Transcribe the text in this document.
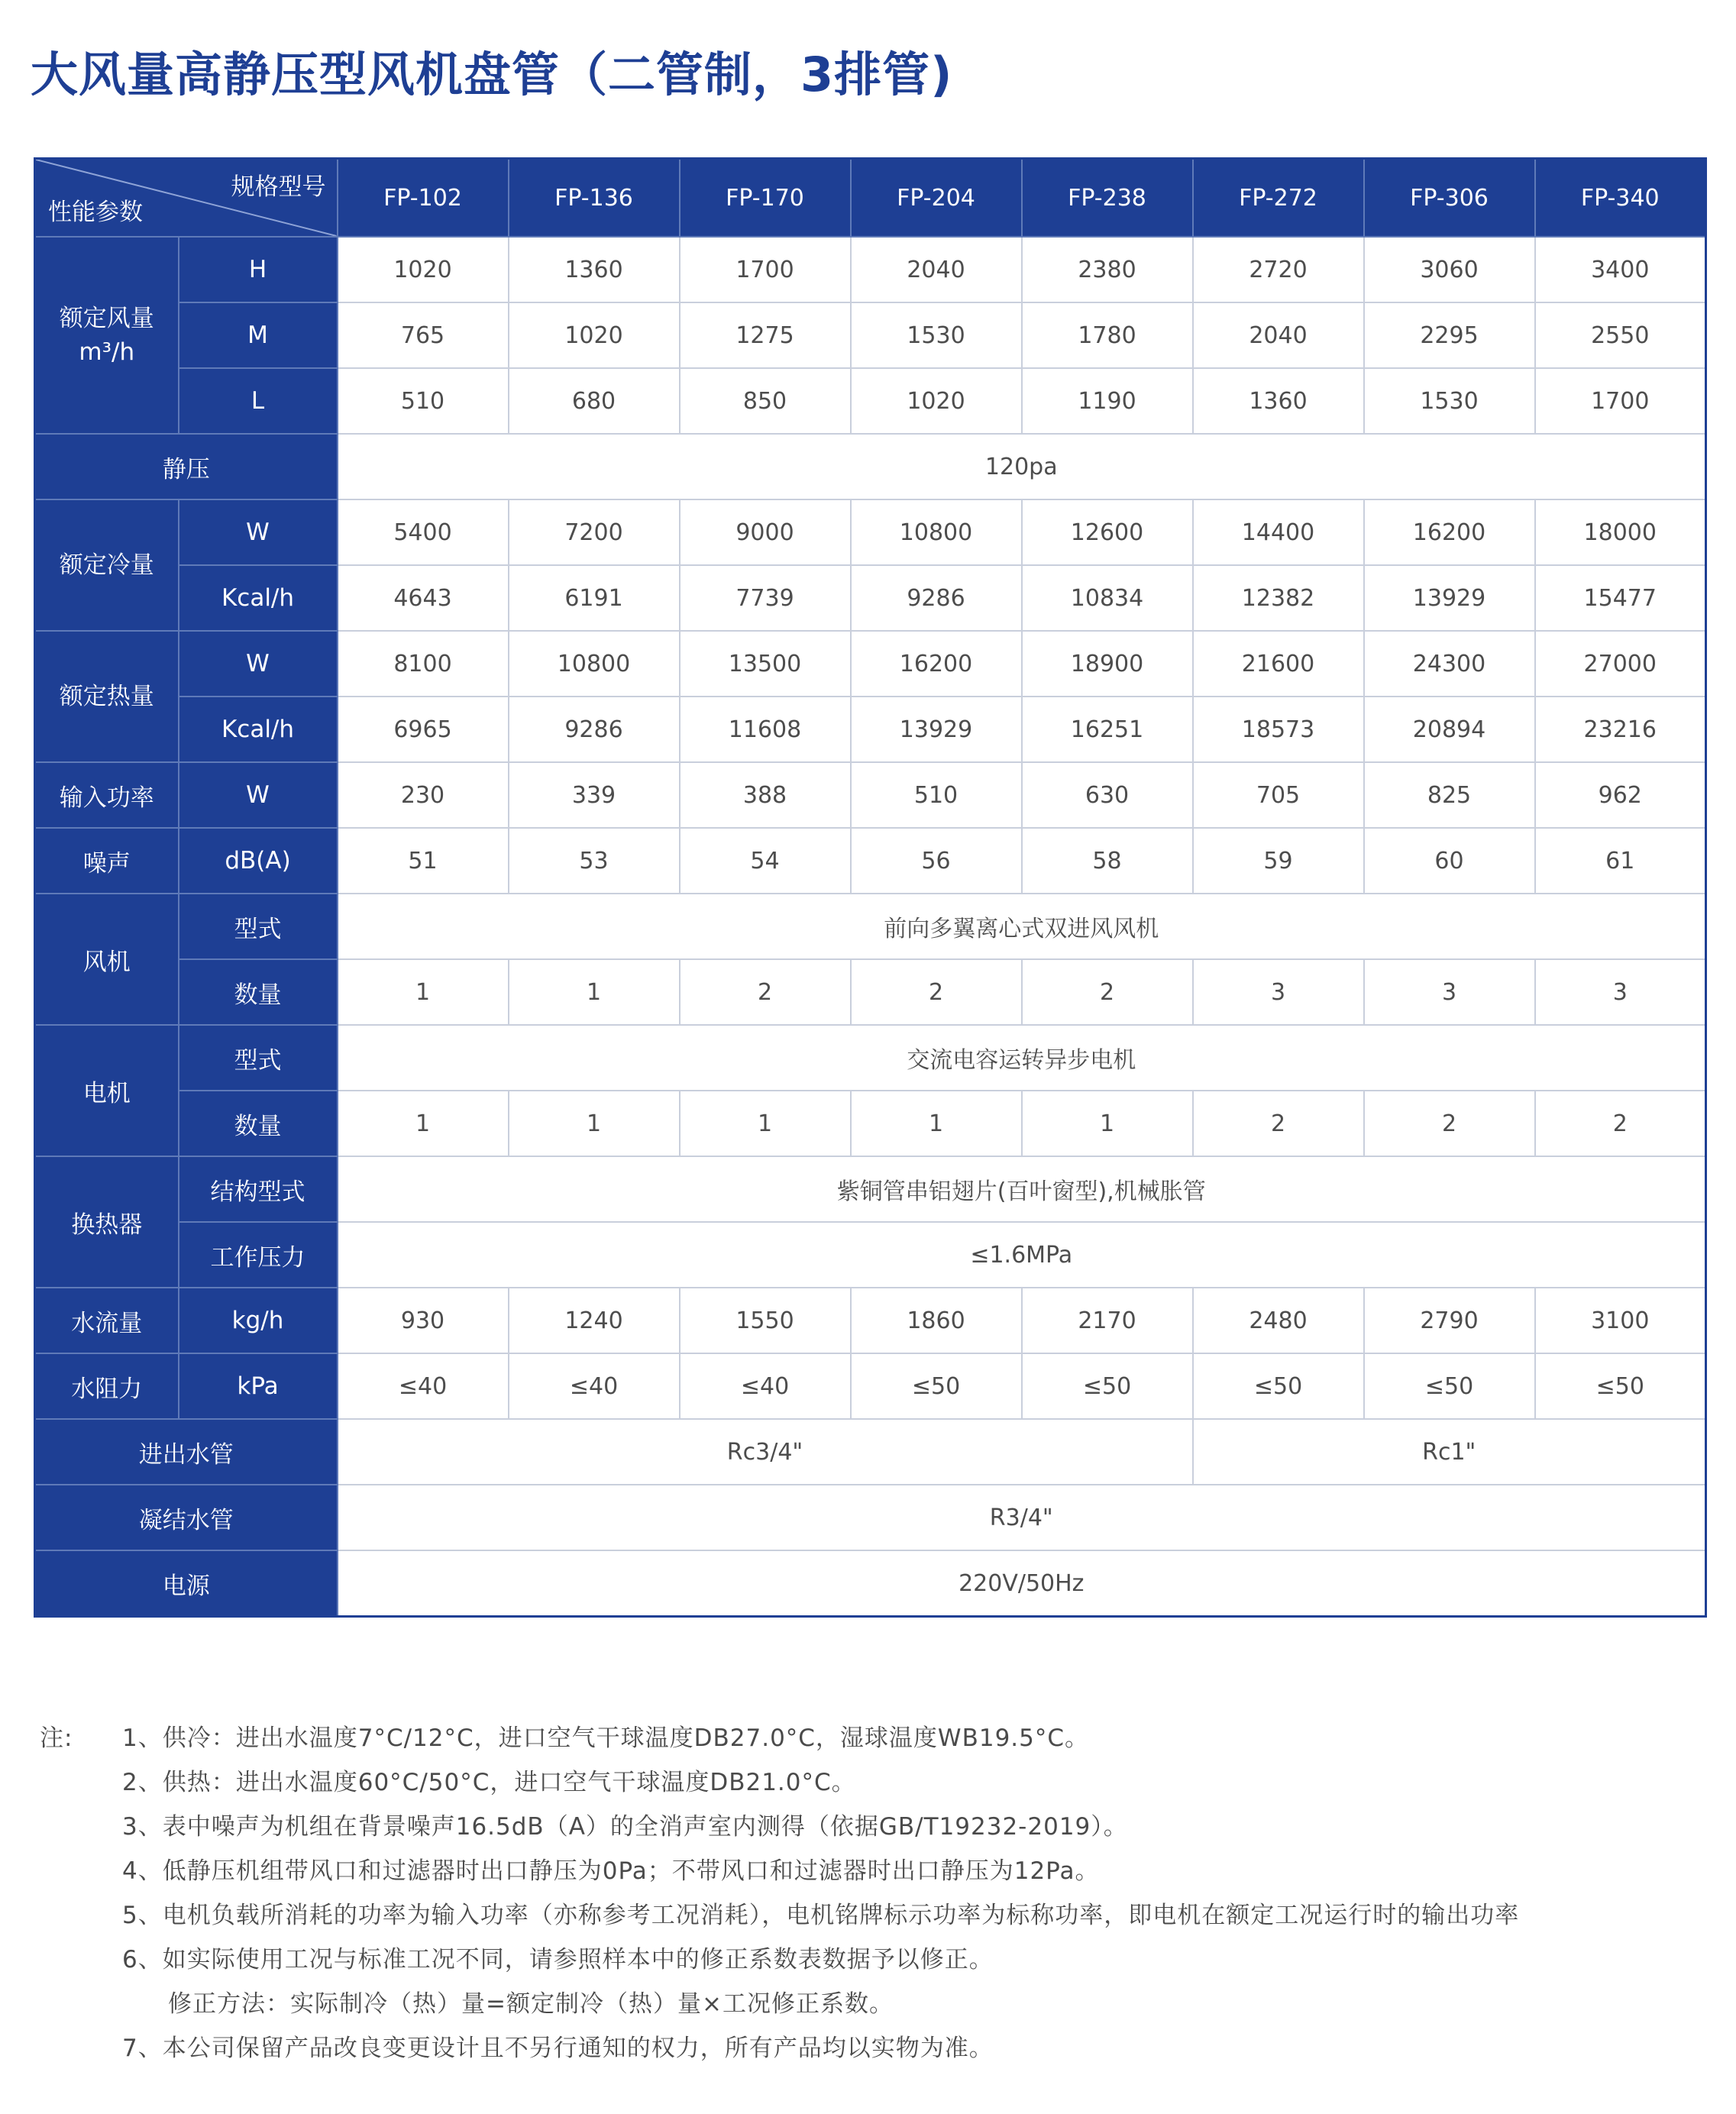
大风量高静压型风机盘管（二管制，3排管)
规格型号
性能参数		FP-102	FP-136	FP-170	FP-204	FP-238	FP-272	FP-306	FP-340
额定风量
m³/h	H	1020	1360	1700	2040	2380	2720	3060	3400
	M	765	1020	1275	1530	1780	2040	2295	2550
	L	510	680	850	1020	1190	1360	1530	1700
静压		120pa							
额定冷量	W	5400	7200	9000	10800	12600	14400	16200	18000
	Kcal/h	4643	6191	7739	9286	10834	12382	13929	15477
额定热量	W	8100	10800	13500	16200	18900	21600	24300	27000
	Kcal/h	6965	9286	11608	13929	16251	18573	20894	23216
输入功率	W	230	339	388	510	630	705	825	962
噪声	dB(A)	51	53	54	56	58	59	60	61
风机	型式	前向多翼离心式双进风风机							
	数量	1	1	2	2	2	3	3	3
电机	型式	交流电容运转异步电机							
	数量	1	1	1	1	1	2	2	2
换热器	结构型式	紫铜管串铝翅片(百叶窗型),机械胀管							
	工作压力	≤1.6MPa							
水流量	kg/h	930	1240	1550	1860	2170	2480	2790	3100
水阻力	kPa	≤40	≤40	≤40	≤50	≤50	≤50	≤50	≤50
进出水管		Rc3/4"					Rc1"		
凝结水管		R3/4"							
电源		220V/50Hz							
注: 1、供冷：进出水温度7°C/12°C，进口空气干球温度DB27.0°C，湿球温度WB19.5°C。
2、供热：进出水温度60°C/50°C，进口空气干球温度DB21.0°C。
3、表中噪声为机组在背景噪声16.5dB（A）的全消声室内测得（依据GB/T19232-2019）。
4、低静压机组带风口和过滤器时出口静压为0Pa；不带风口和过滤器时出口静压为12Pa。
5、电机负载所消耗的功率为输入功率（亦称参考工况消耗），电机铭牌标示功率为标称功率，即电机在额定工况运行时的输出功率
6、如实际使用工况与标准工况不同，请参照样本中的修正系数表数据予以修正。
修正方法：实际制冷（热）量=额定制冷（热）量×工况修正系数。
7、本公司保留产品改良变更设计且不另行通知的权力，所有产品均以实物为准。
